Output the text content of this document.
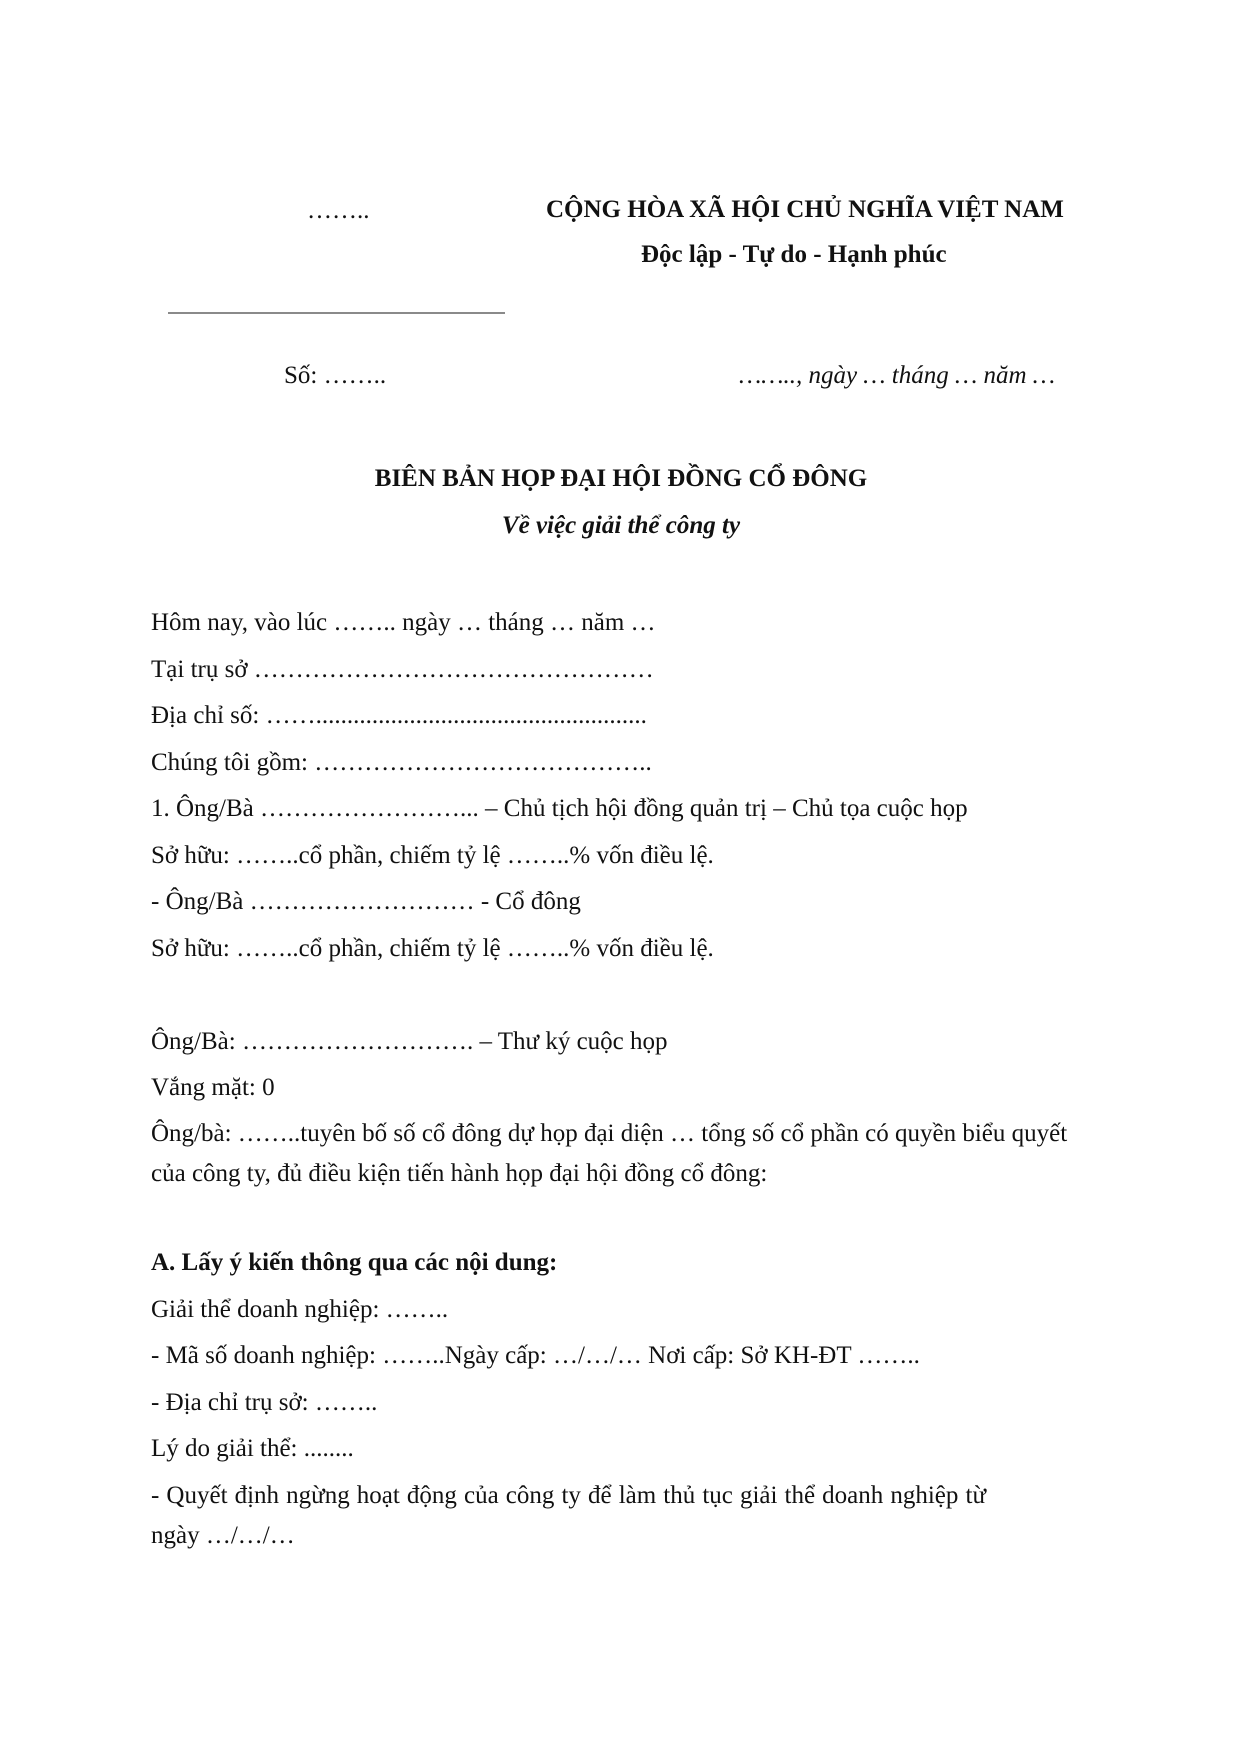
……..	CỘNG HÒA XÃ HỘI CHỦ NGHĨA VIỆT NAM
Độc lập - Tự do - Hạnh phúc
Số: ……..	…….., ngày … tháng … năm …
BIÊN BẢN HỌP ĐẠI HỘI ĐỒNG CỔ ĐÔNG
Về việc giải thể công ty
Hôm nay, vào lúc …….. ngày … tháng … năm …
Tại trụ sở …………………………………………
Địa chỉ số: …….....................................................
Chúng tôi gồm: …………………………………..
1. Ông/Bà ……………………... – Chủ tịch hội đồng quản trị – Chủ tọa cuộc họp
Sở hữu: ……..cổ phần, chiếm tỷ lệ ……..% vốn điều lệ.
- Ông/Bà ……………………… - Cổ đông
Sở hữu: ……..cổ phần, chiếm tỷ lệ ……..% vốn điều lệ.
Ông/Bà: ………………………. – Thư ký cuộc họp
Vắng mặt: 0
Ông/bà: ……..tuyên bố số cổ đông dự họp đại diện … tổng số cổ phần có quyền biểu quyết của công ty, đủ điều kiện tiến hành họp đại hội đồng cổ đông:
A. Lấy ý kiến thông qua các nội dung:
Giải thể doanh nghiệp: ……..
- Mã số doanh nghiệp: ……..Ngày cấp: …/…/… Nơi cấp: Sở KH-ĐT ……..
- Địa chỉ trụ sở: ……..
Lý do giải thể: ........
- Quyết định ngừng hoạt động của công ty để làm thủ tục giải thể doanh nghiệp từ ngày …/…/…
